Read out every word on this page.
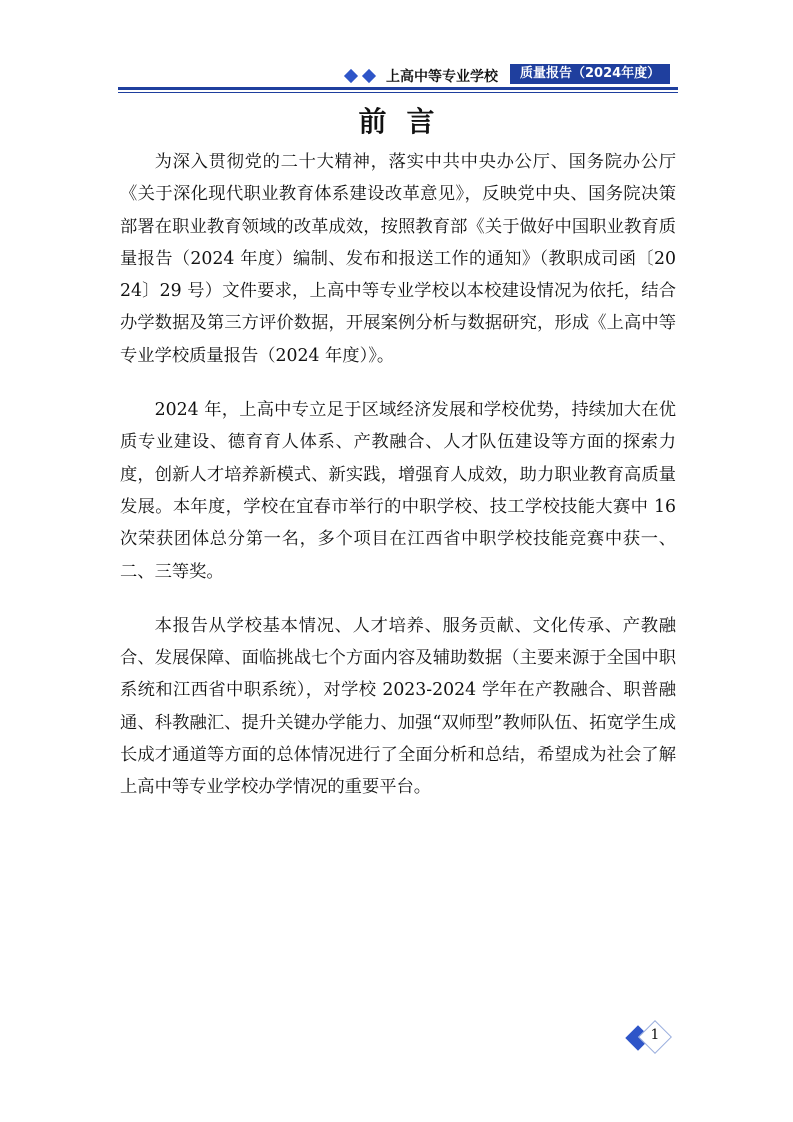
上高中等专业学校	质量报告（2024年度）
前言

为深入贯彻党的二十大精神，落实中共中央办公厅、国务院办公厅《关于深化现代职业教育体系建设改革意见》，反映党中央、国务院决策部署在职业教育领域的改革成效，按照教育部《关于做好中国职业教育质量报告（2024 年度）编制、发布和报送工作的通知》（教职成司函〔2024〕29 号）文件要求，上高中等专业学校以本校建设情况为依托，结合办学数据及第三方评价数据，开展案例分析与数据研究，形成《上高中等专业学校质量报告（2024 年度）》。

2024 年，上高中专立足于区域经济发展和学校优势，持续加大在优质专业建设、德育育人体系、产教融合、人才队伍建设等方面的探索力度，创新人才培养新模式、新实践，增强育人成效，助力职业教育高质量发展。本年度，学校在宜春市举行的中职学校、技工学校技能大赛中 16 次荣获团体总分第一名，多个项目在江西省中职学校技能竞赛中获一、二、三等奖。

本报告从学校基本情况、人才培养、服务贡献、文化传承、产教融合、发展保障、面临挑战七个方面内容及辅助数据（主要来源于全国中职系统和江西省中职系统），对学校 2023-2024 学年在产教融合、职普融通、科教融汇、提升关键办学能力、加强“双师型”教师队伍、拓宽学生成长成才通道等方面的总体情况进行了全面分析和总结，希望成为社会了解上高中等专业学校办学情况的重要平台。

1
